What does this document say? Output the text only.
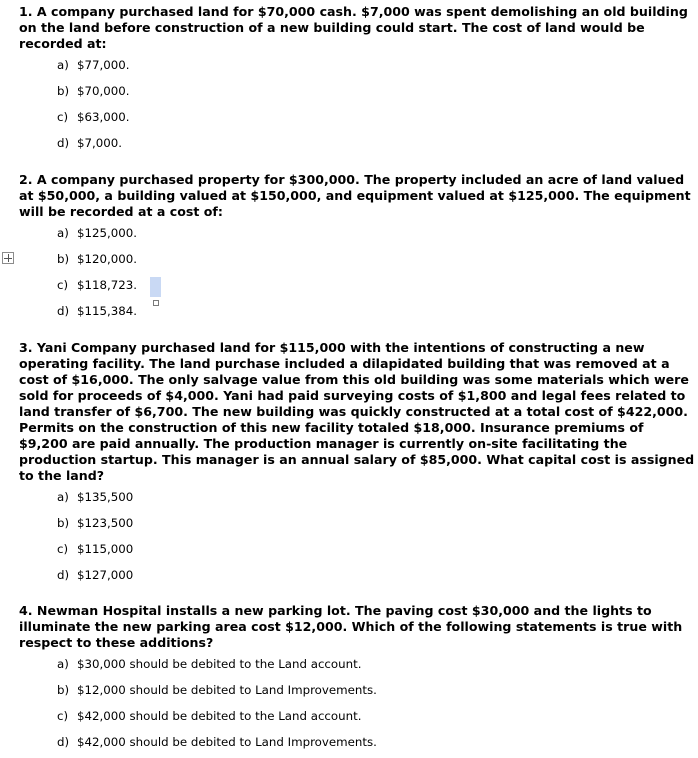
1. A company purchased land for $70,000 cash. $7,000 was spent demolishing an old building on the land before construction of a new building could start. The cost of land would be recorded at:

a) $77,000.
b) $70,000.
c) $63,000.
d) $7,000.

2. A company purchased property for $300,000. The property included an acre of land valued at $50,000, a building valued at $150,000, and equipment valued at $125,000. The equipment will be recorded at a cost of:

a) $125,000.
b) $120,000.
c) $118,723.
d) $115,384.

3. Yani Company purchased land for $115,000 with the intentions of constructing a new operating facility. The land purchase included a dilapidated building that was removed at a cost of $16,000. The only salvage value from this old building was some materials which were sold for proceeds of $4,000. Yani had paid surveying costs of $1,800 and legal fees related to land transfer of $6,700. The new building was quickly constructed at a total cost of $422,000. Permits on the construction of this new facility totaled $18,000. Insurance premiums of $9,200 are paid annually. The production manager is currently on-site facilitating the production startup. This manager is an annual salary of $85,000. What capital cost is assigned to the land?

a) $135,500
b) $123,500
c) $115,000
d) $127,000

4. Newman Hospital installs a new parking lot. The paving cost $30,000 and the lights to illuminate the new parking area cost $12,000. Which of the following statements is true with respect to these additions?

a) $30,000 should be debited to the Land account.
b) $12,000 should be debited to Land Improvements.
c) $42,000 should be debited to the Land account.
d) $42,000 should be debited to Land Improvements.
